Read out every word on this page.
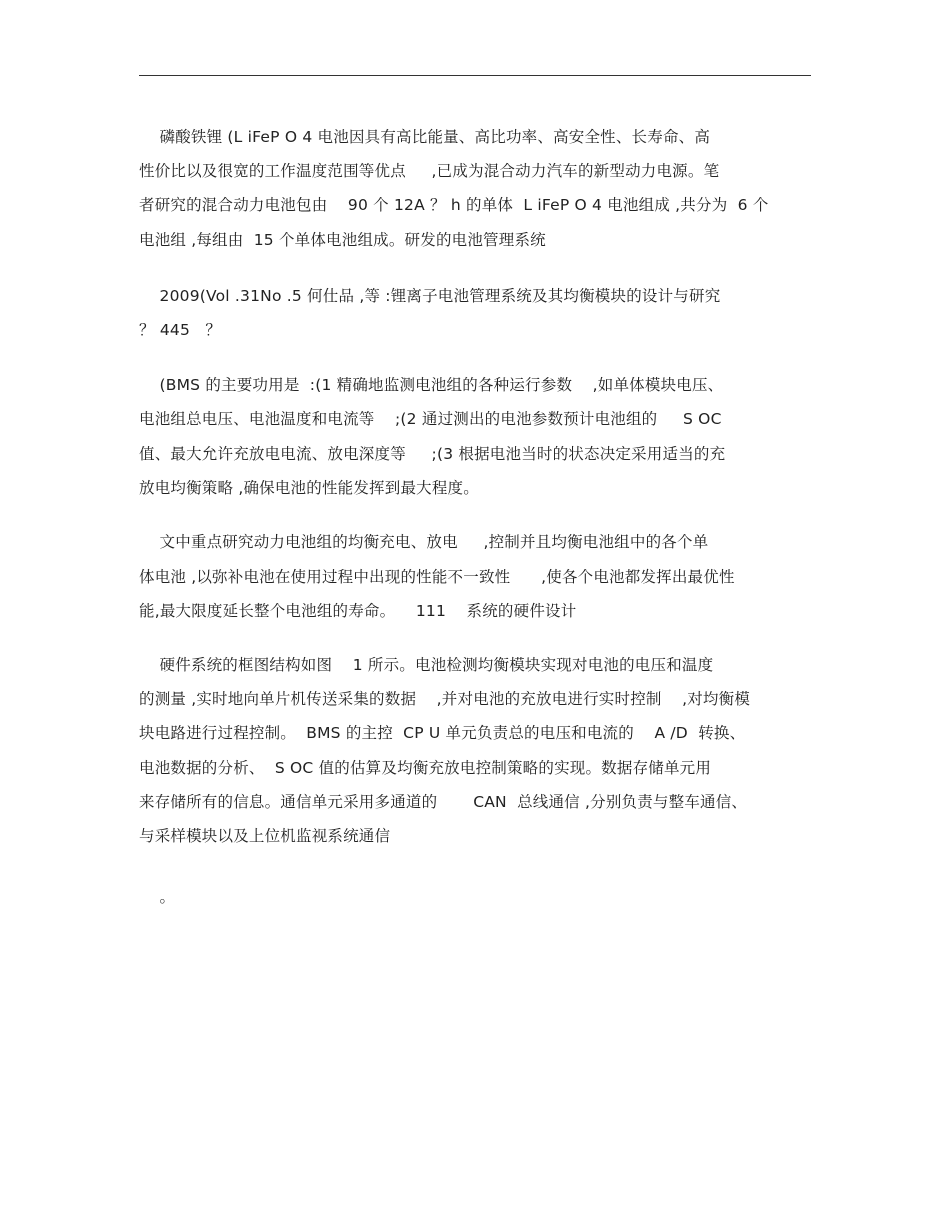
磷酸铁锂 (L iFeP O 4 电池因具有高比能量、高比功率、高安全性、长寿命、高
性价比以及很宽的工作温度范围等优点     ,已成为混合动力汽车的新型动力电源。笔
者研究的混合动力电池包由    90 个 12A ？ h 的单体  L iFeP O 4 电池组成 ,共分为  6 个
电池组 ,每组由  15 个单体电池组成。研发的电池管理系统
2009(Vol .31No .5 何仕品 ,等 :锂离子电池管理系统及其均衡模块的设计与研究
？ 445   ？
(BMS 的主要功用是  :(1 精确地监测电池组的各种运行参数    ,如单体模块电压、
电池组总电压、电池温度和电流等    ;(2 通过测出的电池参数预计电池组的     S OC
值、最大允许充放电电流、放电深度等     ;(3 根据电池当时的状态决定采用适当的充
放电均衡策略 ,确保电池的性能发挥到最大程度。
文中重点研究动力电池组的均衡充电、放电     ,控制并且均衡电池组中的各个单
体电池 ,以弥补电池在使用过程中出现的性能不一致性      ,使各个电池都发挥出最优性
能,最大限度延长整个电池组的寿命。    111    系统的硬件设计
硬件系统的框图结构如图    1 所示。电池检测均衡模块实现对电池的电压和温度
的测量 ,实时地向单片机传送采集的数据    ,并对电池的充放电进行实时控制    ,对均衡模
块电路进行过程控制。  BMS 的主控  CP U 单元负责总的电压和电流的    A /D  转换、
电池数据的分析、  S OC 值的估算及均衡充放电控制策略的实现。数据存储单元用
来存储所有的信息。通信单元采用多通道的       CAN  总线通信 ,分别负责与整车通信、
与采样模块以及上位机监视系统通信
。
